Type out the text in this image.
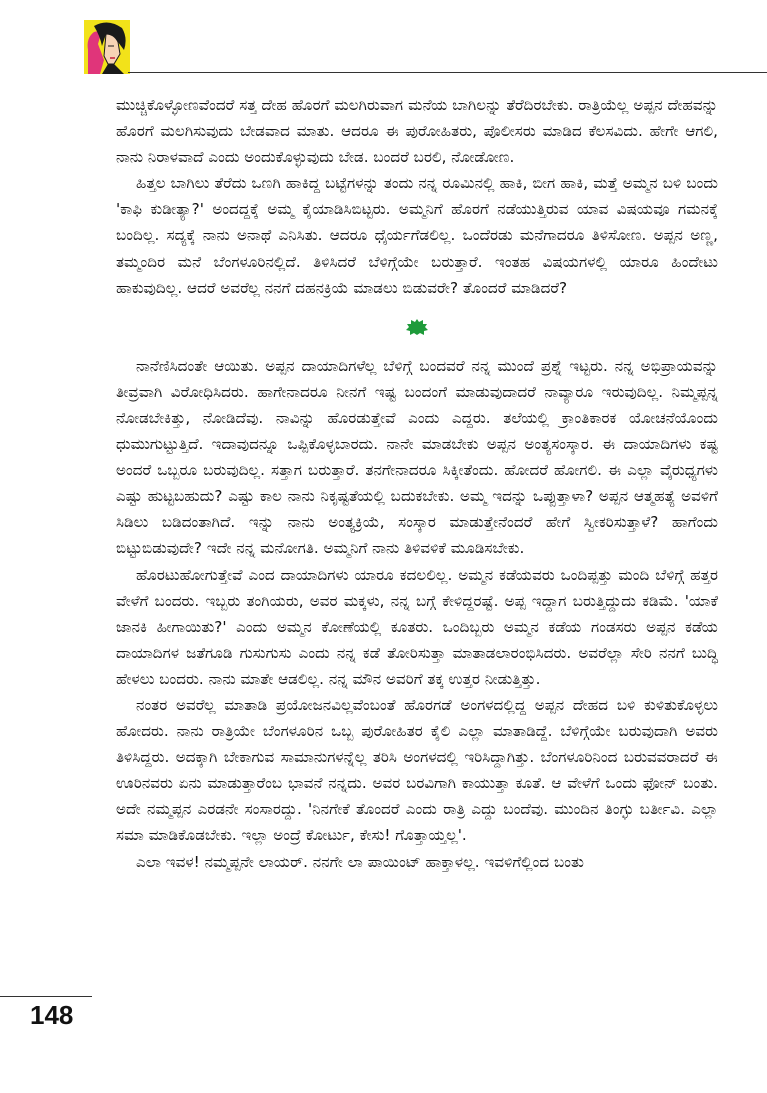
ಮುಚ್ಚಿಕೊಳ್ಳೋಣವೆಂದರೆ ಸತ್ತ ದೇಹ ಹೊರಗೆ ಮಲಗಿರುವಾಗ ಮನೆಯ ಬಾಗಿಲನ್ನು ತೆರೆದಿರಬೇಕು. ರಾತ್ರಿಯೆಲ್ಲ ಅಪ್ಪನ ದೇಹವನ್ನು ಹೊರಗೆ ಮಲಗಿಸುವುದು ಬೇಡವಾದ ಮಾತು. ಆದರೂ ಈ ಪುರೋಹಿತರು, ಪೊಲೀಸರು ಮಾಡಿದ ಕೆಲಸವಿದು. ಹೇಗೇ ಆಗಲಿ, ನಾನು ನಿರಾಳವಾದೆ ಎಂದು ಅಂದುಕೊಳ್ಳುವುದು ಬೇಡ. ಬಂದರೆ ಬರಲಿ, ನೋಡೋಣ.

ಹಿತ್ತಲ ಬಾಗಿಲು ತೆರೆದು ಒಣಗಿ ಹಾಕಿದ್ದ ಬಟ್ಟೆಗಳನ್ನು ತಂದು ನನ್ನ ರೂಮಿನಲ್ಲಿ ಹಾಕಿ, ಬೀಗ ಹಾಕಿ, ಮತ್ತೆ ಅಮ್ಮನ ಬಳಿ ಬಂದು 'ಕಾಫಿ ಕುಡೀತ್ಯಾ?' ಅಂದದ್ದಕ್ಕೆ ಅಮ್ಮ ಕೈಯಾಡಿಸಿಬಿಟ್ಟರು. ಅಮ್ಮನಿಗೆ ಹೊರಗೆ ನಡೆಯುತ್ತಿರುವ ಯಾವ ವಿಷಯವೂ ಗಮನಕ್ಕೆ ಬಂದಿಲ್ಲ. ಸದ್ಯಕ್ಕೆ ನಾನು ಅನಾಥೆ ಎನಿಸಿತು. ಆದರೂ ಧೈರ್ಯಗೆಡಲಿಲ್ಲ. ಒಂದೆರಡು ಮನೆಗಾದರೂ ತಿಳಿಸೋಣ. ಅಪ್ಪನ ಅಣ್ಣ, ತಮ್ಮಂದಿರ ಮನೆ ಬೆಂಗಳೂರಿನಲ್ಲಿದೆ. ತಿಳಿಸಿದರೆ ಬೆಳಿಗ್ಗೆಯೇ ಬರುತ್ತಾರೆ. ಇಂತಹ ವಿಷಯಗಳಲ್ಲಿ ಯಾರೂ ಹಿಂದೇಟು ಹಾಕುವುದಿಲ್ಲ. ಆದರೆ ಅವರೆಲ್ಲ ನನಗೆ ದಹನಕ್ರಿಯೆ ಮಾಡಲು ಬಿಡುವರೇ? ತೊಂದರೆ ಮಾಡಿದರೆ?

ನಾನೆಣಿಸಿದಂತೇ ಆಯಿತು. ಅಪ್ಪನ ದಾಯಾದಿಗಳೆಲ್ಲ ಬೆಳಿಗ್ಗೆ ಬಂದವರೆ ನನ್ನ ಮುಂದೆ ಪ್ರಶ್ನೆ ಇಟ್ಟರು. ನನ್ನ ಅಭಿಪ್ರಾಯವನ್ನು ತೀವ್ರವಾಗಿ ವಿರೋಧಿಸಿದರು. ಹಾಗೇನಾದರೂ ನೀನಗೆ ಇಷ್ಟ ಬಂದಂಗೆ ಮಾಡುವುದಾದರೆ ನಾವ್ಯಾರೂ ಇರುವುದಿಲ್ಲ. ನಿಮ್ಮಪ್ಪನ್ನ ನೋಡಬೇಕಿತ್ತು, ನೋಡಿದೆವು. ನಾವಿನ್ನು ಹೊರಡುತ್ತೇವೆ ಎಂದು ಎದ್ದರು. ತಲೆಯಲ್ಲಿ ಕ್ರಾಂತಿಕಾರಕ ಯೋಚನೆಯೊಂದು ಧುಮುಗುಟ್ಟುತ್ತಿದೆ. ಇದಾವುದನ್ನೂ ಒಪ್ಪಿಕೊಳ್ಳಬಾರದು. ನಾನೇ ಮಾಡಬೇಕು ಅಪ್ಪನ ಅಂತ್ಯಸಂಸ್ಕಾರ. ಈ ದಾಯಾದಿಗಳು ಕಷ್ಟ ಅಂದರೆ ಒಬ್ಬರೂ ಬರುವುದಿಲ್ಲ. ಸತ್ತಾಗ ಬರುತ್ತಾರೆ. ತನಗೇನಾದರೂ ಸಿಕ್ಕೀತೆಂದು. ಹೋದರೆ ಹೋಗಲಿ. ಈ ಎಲ್ಲಾ ವೈರುಧ್ಯಗಳು ಎಷ್ಟು ಹುಟ್ಟಬಹುದು? ಎಷ್ಟು ಕಾಲ ನಾನು ನಿಕೃಷ್ಟತೆಯಲ್ಲಿ ಬದುಕಬೇಕು. ಅಮ್ಮ ಇದನ್ನು ಒಪ್ಪುತ್ತಾಳಾ? ಅಪ್ಪನ ಆತ್ಮಹತ್ಯೆ ಅವಳಿಗೆ ಸಿಡಿಲು ಬಡಿದಂತಾಗಿದೆ. ಇನ್ನು ನಾನು ಅಂತ್ಯಕ್ರಿಯೆ, ಸಂಸ್ಕಾರ ಮಾಡುತ್ತೇನೆಂದರೆ ಹೇಗೆ ಸ್ವೀಕರಿಸುತ್ತಾಳೆ? ಹಾಗೆಂದು ಬಿಟ್ಟುಬಿಡುವುದೇ? ಇದೇ ನನ್ನ ಮನೋಗತಿ. ಅಮ್ಮನಿಗೆ ನಾನು ತಿಳಿವಳಿಕೆ ಮೂಡಿಸಬೇಕು.

ಹೊರಟುಹೋಗುತ್ತೇವೆ ಎಂದ ದಾಯಾದಿಗಳು ಯಾರೂ ಕದಲಲಿಲ್ಲ. ಅಮ್ಮನ ಕಡೆಯವರು ಒಂದಿಪ್ಪತ್ತು ಮಂದಿ ಬೆಳಿಗ್ಗೆ ಹತ್ತರ ವೇಳೆಗೆ ಬಂದರು. ಇಬ್ಬರು ತಂಗಿಯರು, ಅವರ ಮಕ್ಕಳು, ನನ್ನ ಬಗ್ಗೆ ಕೇಳಿದ್ದರಷ್ಟೆ. ಅಪ್ಪ ಇದ್ದಾಗ ಬರುತ್ತಿದ್ದುದು ಕಡಿಮೆ. 'ಯಾಕೆ ಜಾನಕಿ ಹೀಗಾಯಿತು?' ಎಂದು ಅಮ್ಮನ ಕೋಣೆಯಲ್ಲಿ ಕೂತರು. ಒಂದಿಬ್ಬರು ಅಮ್ಮನ ಕಡೆಯ ಗಂಡಸರು ಅಪ್ಪನ ಕಡೆಯ ದಾಯಾದಿಗಳ ಜತೆಗೂಡಿ ಗುಸುಗುಸು ಎಂದು ನನ್ನ ಕಡೆ ತೋರಿಸುತ್ತಾ ಮಾತಾಡಲಾರಂಭಿಸಿದರು. ಅವರೆಲ್ಲಾ ಸೇರಿ ನನಗೆ ಬುದ್ಧಿ ಹೇಳಲು ಬಂದರು. ನಾನು ಮಾತೇ ಆಡಲಿಲ್ಲ. ನನ್ನ ಮೌನ ಅವರಿಗೆ ತಕ್ಕ ಉತ್ತರ ನೀಡುತ್ತಿತ್ತು.

ನಂತರ ಅವರೆಲ್ಲ ಮಾತಾಡಿ ಪ್ರಯೋಜನವಿಲ್ಲವೆಂಬಂತೆ ಹೊರಗಡೆ ಅಂಗಳದಲ್ಲಿದ್ದ ಅಪ್ಪನ ದೇಹದ ಬಳಿ ಕುಳಿತುಕೊಳ್ಳಲು ಹೋದರು. ನಾನು ರಾತ್ರಿಯೇ ಬೆಂಗಳೂರಿನ ಒಬ್ಬ ಪುರೋಹಿತರ ಕೈಲಿ ಎಲ್ಲಾ ಮಾತಾಡಿದ್ದೆ. ಬೆಳಿಗ್ಗೆಯೇ ಬರುವುದಾಗಿ ಅವರು ತಿಳಿಸಿದ್ದರು. ಅದಕ್ಕಾಗಿ ಬೇಕಾಗುವ ಸಾಮಾನುಗಳನ್ನೆಲ್ಲ ತರಿಸಿ ಅಂಗಳದಲ್ಲಿ ಇರಿಸಿದ್ದಾಗಿತ್ತು. ಬೆಂಗಳೂರಿನಿಂದ ಬರುವವರಾದರೆ ಈ ಊರಿನವರು ಏನು ಮಾಡುತ್ತಾರೆಂಬ ಭಾವನೆ ನನ್ನದು. ಅವರ ಬರವಿಗಾಗಿ ಕಾಯುತ್ತಾ ಕೂತೆ. ಆ ವೇಳೆಗೆ ಒಂದು ಫೋನ್ ಬಂತು. ಅದೇ ನಮ್ಮಪ್ಪನ ಎರಡನೇ ಸಂಸಾರದ್ದು. 'ನಿನಗೇಕೆ ತೊಂದರೆ ಎಂದು ರಾತ್ರಿ ಎದ್ದು ಬಂದೆವು. ಮುಂದಿನ ತಿಂಗ್ಳು ಬರ್ತೀವಿ. ಎಲ್ಲಾ ಸಮಾ ಮಾಡಿಕೊಡಬೇಕು. ಇಲ್ಲಾ ಅಂದ್ರೆ ಕೋರ್ಟು, ಕೇಸು! ಗೊತ್ತಾಯ್ತಲ್ಲ'.

ಎಲಾ ಇವಳ! ನಮ್ಮಪ್ಪನೇ ಲಾಯರ್. ನನಗೇ ಲಾ ಪಾಯಿಂಟ್ ಹಾಕ್ತಾಳಲ್ಲ. ಇವಳಿಗೆಲ್ಲಿಂದ ಬಂತು

148
